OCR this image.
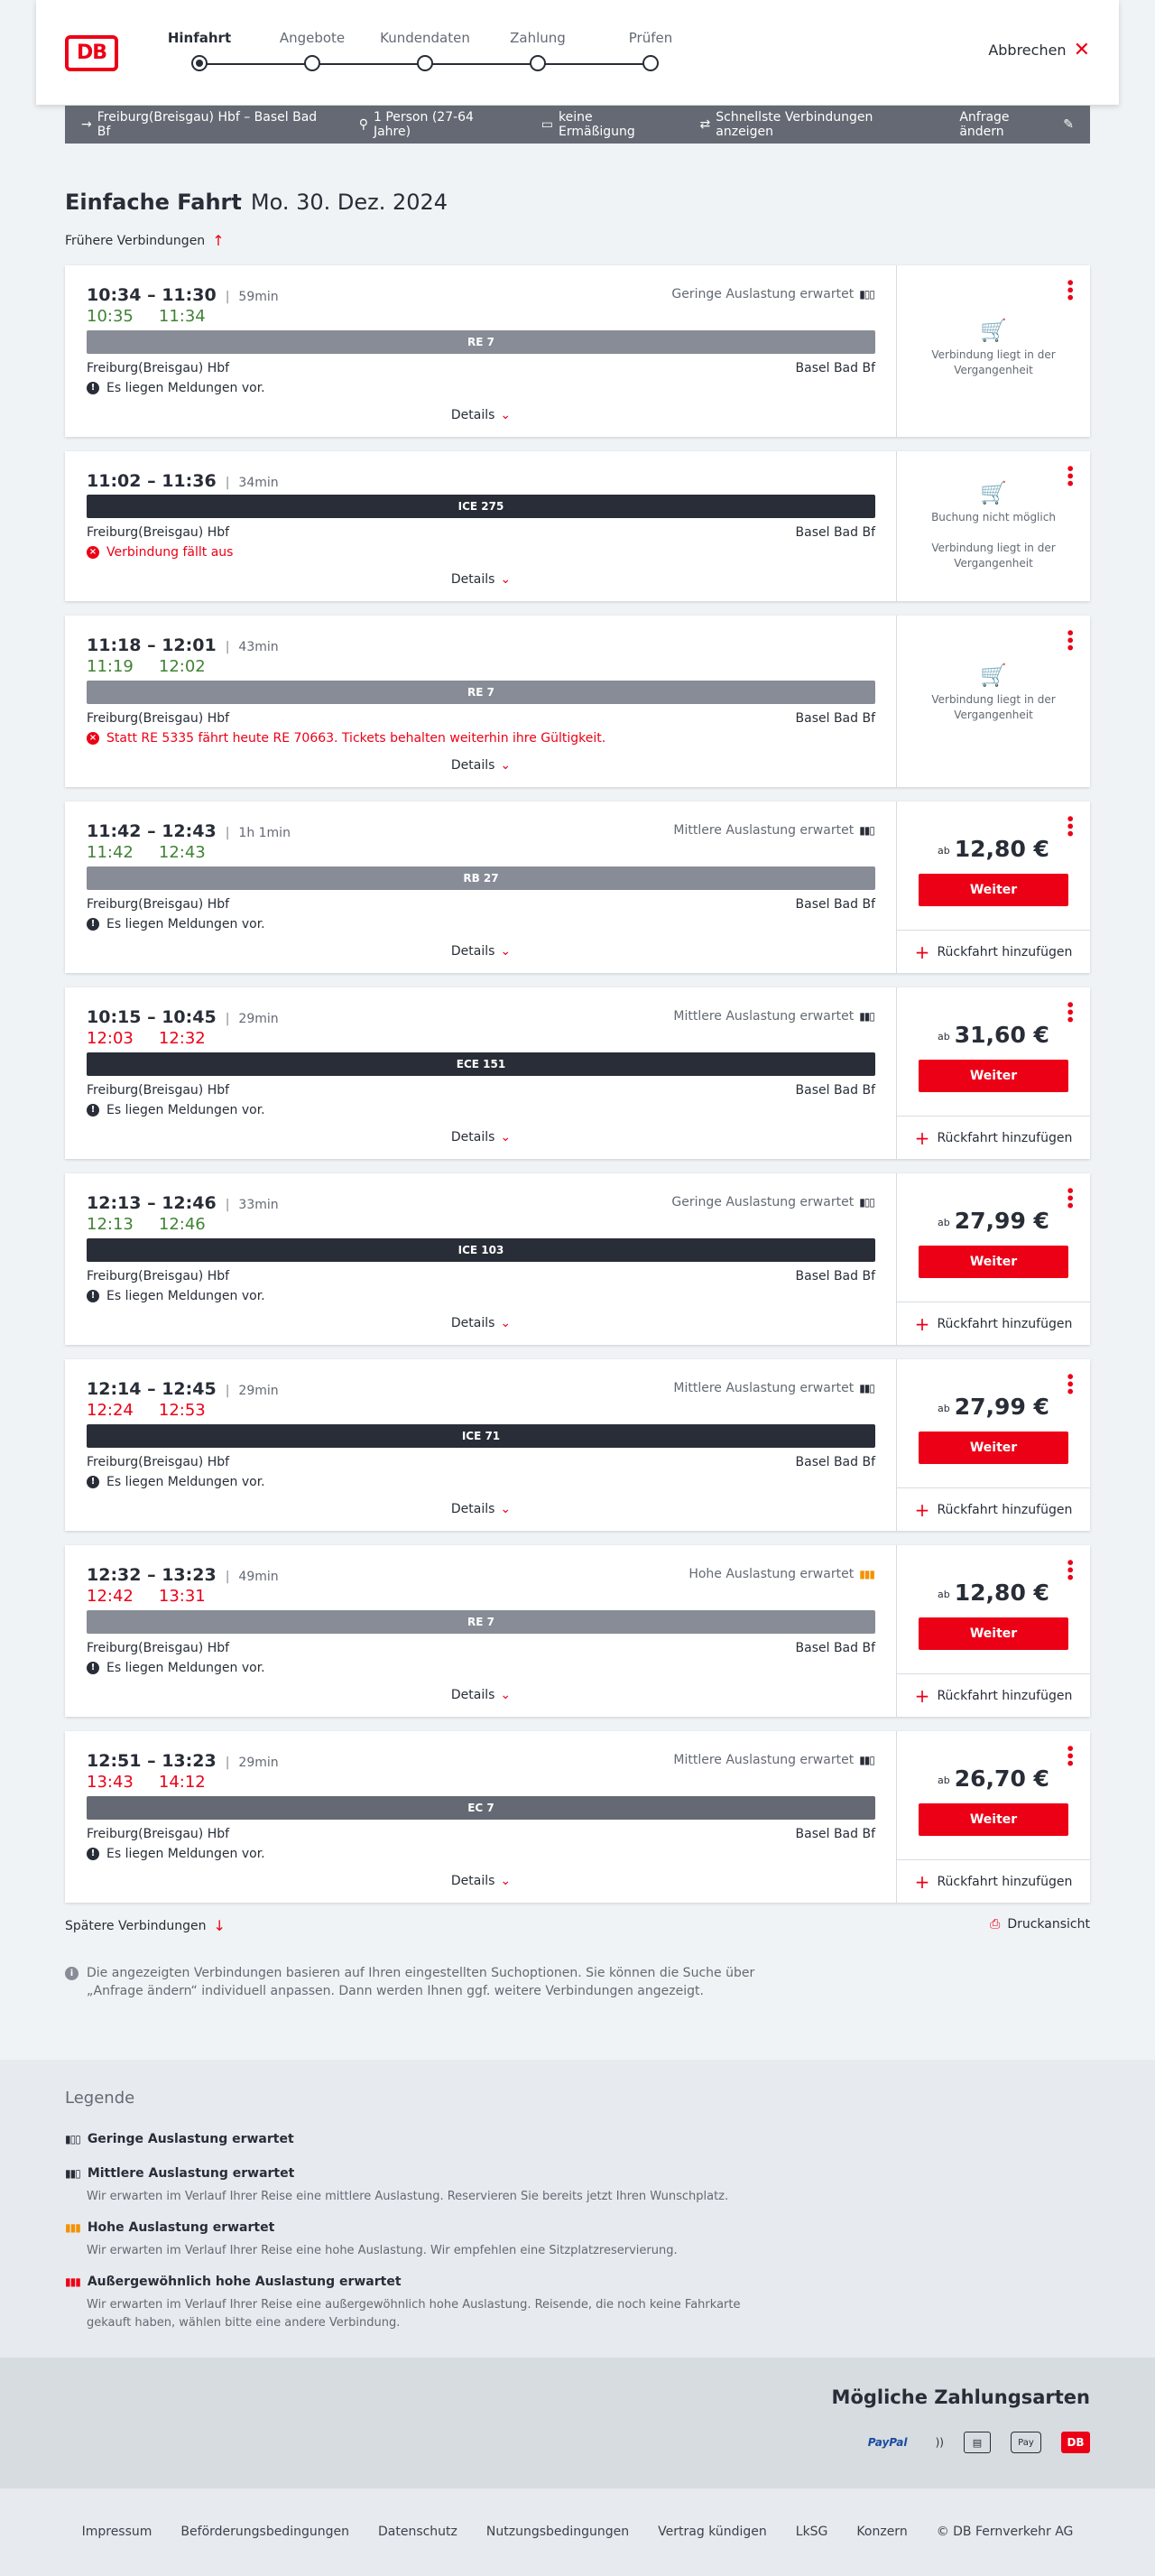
DB
Hinfahrt	Angebote	Kundendaten	Zahlung	Prüfen
Abbrechen ✕
→ Freiburg(Breisgau) Hbf – Basel Bad Bf	⚲ 1 Person (27-64 Jahre)	▭ keine Ermäßigung	⇄ Schnellste Verbindungen anzeigen
Anfrage ändern	✎
Einfache Fahrt Mo. 30. Dez. 2024
Frühere Verbindungen ↑
10:34 – 11:30 | 59min
10:35 11:34
Geringe Auslastung erwartet ▮▯▯
RE 7
Freiburg(Breisgau) Hbf	Basel Bad Bf
! Es liegen Meldungen vor.
Details ⌄
•••
🛒
Verbindung liegt in der Vergangenheit
11:02 – 11:36 | 34min
ICE 275
Freiburg(Breisgau) Hbf	Basel Bad Bf
× Verbindung fällt aus
Details ⌄
•••
🛒
Buchung nicht möglich

Verbindung liegt in der Vergangenheit
11:18 – 12:01 | 43min
11:19 12:02
RE 7
Freiburg(Breisgau) Hbf	Basel Bad Bf
× Statt RE 5335 fährt heute RE 70663. Tickets behalten weiterhin ihre Gültigkeit.
Details ⌄
•••
🛒
Verbindung liegt in der Vergangenheit
11:42 – 12:43 | 1h 1min
11:42 12:43
Mittlere Auslastung erwartet ▮▮▯
RB 27
Freiburg(Breisgau) Hbf	Basel Bad Bf
! Es liegen Meldungen vor.
Details ⌄
•••
ab 12,80 €
Weiter
+ Rückfahrt hinzufügen
10:15 – 10:45 | 29min
12:03 12:32
Mittlere Auslastung erwartet ▮▮▯
ECE 151
Freiburg(Breisgau) Hbf	Basel Bad Bf
! Es liegen Meldungen vor.
Details ⌄
•••
ab 31,60 €
Weiter
+ Rückfahrt hinzufügen
12:13 – 12:46 | 33min
12:13 12:46
Geringe Auslastung erwartet ▮▯▯
ICE 103
Freiburg(Breisgau) Hbf	Basel Bad Bf
! Es liegen Meldungen vor.
Details ⌄
•••
ab 27,99 €
Weiter
+ Rückfahrt hinzufügen
12:14 – 12:45 | 29min
12:24 12:53
Mittlere Auslastung erwartet ▮▮▯
ICE 71
Freiburg(Breisgau) Hbf	Basel Bad Bf
! Es liegen Meldungen vor.
Details ⌄
•••
ab 27,99 €
Weiter
+ Rückfahrt hinzufügen
12:32 – 13:23 | 49min
12:42 13:31
Hohe Auslastung erwartet ▮▮▮
RE 7
Freiburg(Breisgau) Hbf	Basel Bad Bf
! Es liegen Meldungen vor.
Details ⌄
•••
ab 12,80 €
Weiter
+ Rückfahrt hinzufügen
12:51 – 13:23 | 29min
13:43 14:12
Mittlere Auslastung erwartet ▮▮▯
EC 7
Freiburg(Breisgau) Hbf	Basel Bad Bf
! Es liegen Meldungen vor.
Details ⌄
•••
ab 26,70 €
Weiter
+ Rückfahrt hinzufügen
Spätere Verbindungen ↓	⎙ Druckansicht
i	Die angezeigten Verbindungen basieren auf Ihren eingestellten Suchoptionen. Sie können die Suche über „Anfrage ändern“ individuell anpassen. Dann werden Ihnen ggf. weitere Verbindungen angezeigt.
Legende
▮▯▯ Geringe Auslastung erwartet
▮▮▯ Mittlere Auslastung erwartet
Wir erwarten im Verlauf Ihrer Reise eine mittlere Auslastung. Reservieren Sie bereits jetzt Ihren Wunschplatz.
▮▮▮ Hohe Auslastung erwartet
Wir erwarten im Verlauf Ihrer Reise eine hohe Auslastung. Wir empfehlen eine Sitzplatzreservierung.
▮▮▮ Außergewöhnlich hohe Auslastung erwartet
Wir erwarten im Verlauf Ihrer Reise eine außergewöhnlich hohe Auslastung. Reisende, die noch keine Fahrkarte gekauft haben, wählen bitte eine andere Verbindung.
Mögliche Zahlungsarten
PayPal	))	▤	Pay	DB
Impressum Beförderungsbedingungen Datenschutz Nutzungsbedingungen Vertrag kündigen LkSG Konzern © DB Fernverkehr AG
